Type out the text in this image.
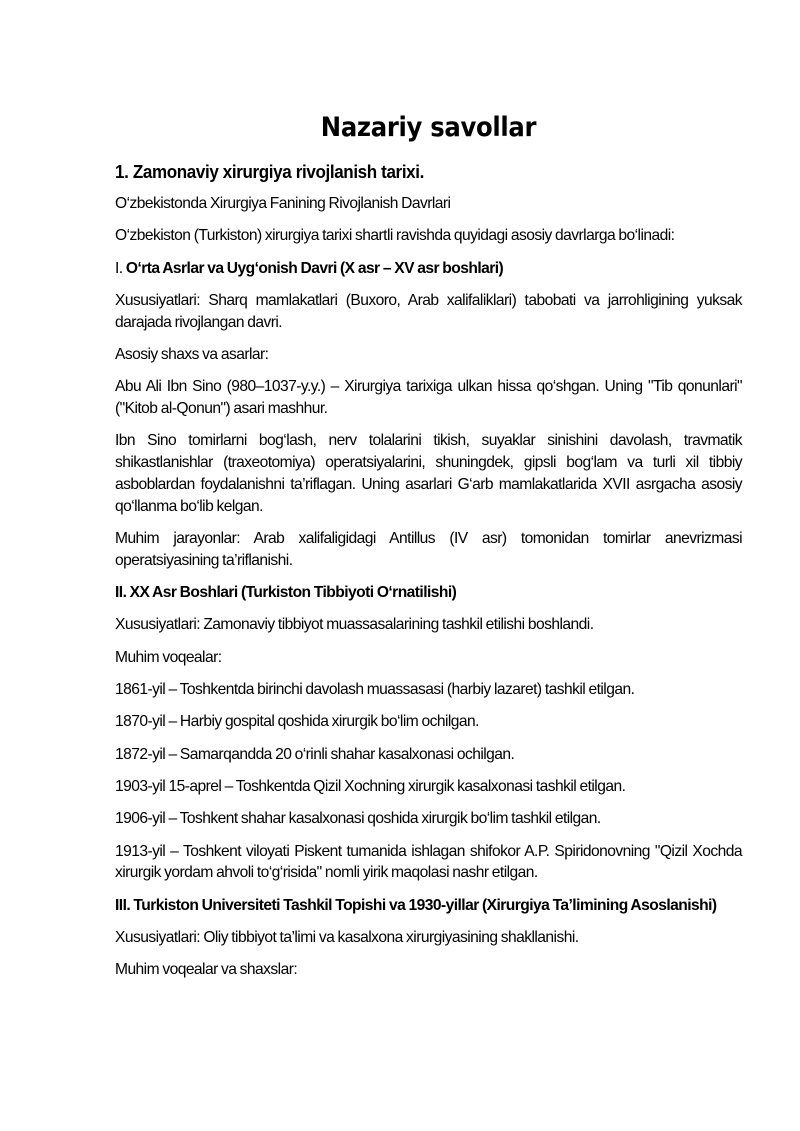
Nazariy savollar
1. Zamonaviy xirurgiya rivojlanish tarixi.

O‘zbekistonda Xirurgiya Fanining Rivojlanish Davrlari

O‘zbekiston (Turkiston) xirurgiya tarixi shartli ravishda quyidagi asosiy davrlarga bo‘linadi:

I. O‘rta Asrlar va Uyg‘onish Davri (X asr – XV asr boshlari)

Xususiyatlari: Sharq mamlakatlari (Buxoro, Arab xalifaliklari) tabobati va jarrohligining yuksak darajada rivojlangan davri.

Asosiy shaxs va asarlar:

Abu Ali Ibn Sino (980–1037-y.y.) – Xirurgiya tarixiga ulkan hissa qo‘shgan. Uning "Tib qonunlari" ("Kitob al-Qonun") asari mashhur.

Ibn Sino tomirlarni bog‘lash, nerv tolalarini tikish, suyaklar sinishini davolash, travmatik shikastlanishlar (traxeotomiya) operatsiyalarini, shuningdek, gipsli bog‘lam va turli xil tibbiy asboblardan foydalanishni ta’riflagan. Uning asarlari G‘arb mamlakatlarida XVII asrgacha asosiy qo‘llanma bo‘lib kelgan.

Muhim jarayonlar: Arab xalifaligidagi Antillus (IV asr) tomonidan tomirlar anevrizmasi operatsiyasining ta’riflanishi.

II. XX Asr Boshlari (Turkiston Tibbiyoti O‘rnatilishi)

Xususiyatlari: Zamonaviy tibbiyot muassasalarining tashkil etilishi boshlandi.

Muhim voqealar:

1861-yil – Toshkentda birinchi davolash muassasasi (harbiy lazaret) tashkil etilgan.

1870-yil – Harbiy gospital qoshida xirurgik bo‘lim ochilgan.

1872-yil – Samarqandda 20 o‘rinli shahar kasalxonasi ochilgan.

1903-yil 15-aprel – Toshkentda Qizil Xochning xirurgik kasalxonasi tashkil etilgan.

1906-yil – Toshkent shahar kasalxonasi qoshida xirurgik bo‘lim tashkil etilgan.

1913-yil – Toshkent viloyati Piskent tumanida ishlagan shifokor A.P. Spiridonovning "Qizil Xochda xirurgik yordam ahvoli to‘g‘risida" nomli yirik maqolasi nashr etilgan.

III. Turkiston Universiteti Tashkil Topishi va 1930-yillar (Xirurgiya Ta’limining Asoslanishi)

Xususiyatlari: Oliy tibbiyot ta’limi va kasalxona xirurgiyasining shakllanishi.

Muhim voqealar va shaxslar:
